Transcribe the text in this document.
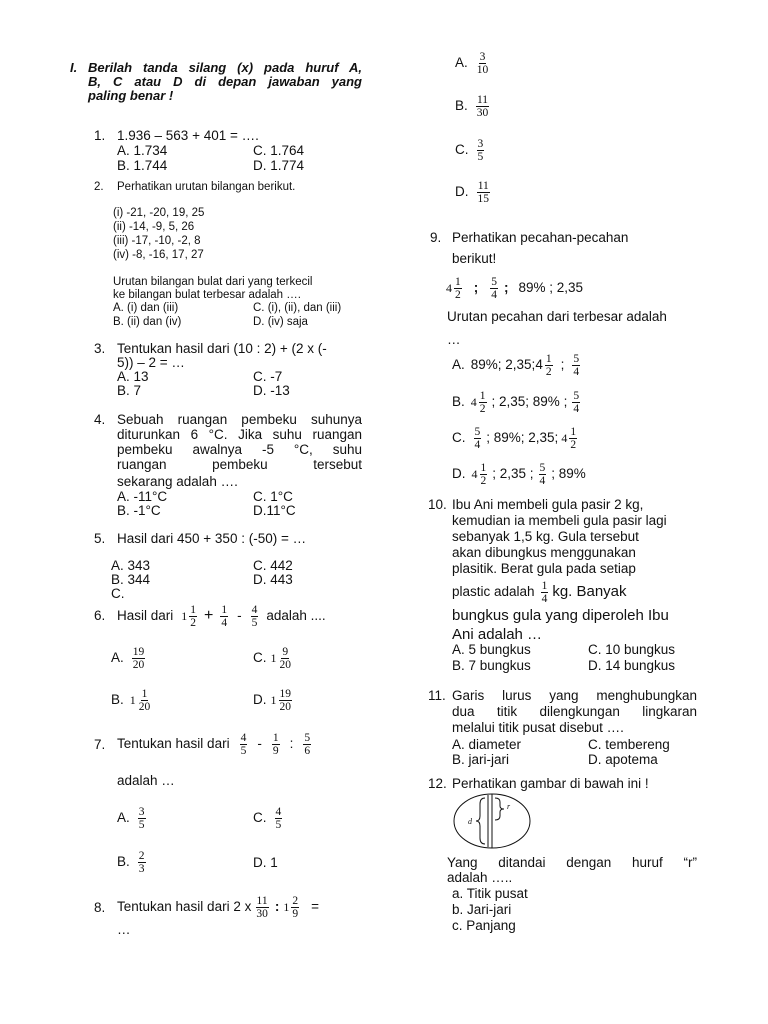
I. Berilah tanda silang (x) pada huruf A,
B, C atau D di depan jawaban yang
paling benar !
1. 1.936 – 563 + 401 = ….
A. 1.734	C. 1.764
B. 1.744	D. 1.774
2. Perhatikan urutan bilangan berikut.
(i) -21, -20, 19, 25
(ii) -14, -9, 5, 26
(iii) -17, -10, -2, 8
(iv) -8, -16, 17, 27
Urutan bilangan bulat dari yang terkecil
ke bilangan bulat terbesar adalah ….
A. (i) dan (iii)	C. (i), (ii), dan (iii)
B. (ii) dan (iv)	D. (iv) saja
3. Tentukan hasil dari (10 : 2) + (2 x (-
5)) – 2 = …
A. 13	C. -7
B. 7	D. -13
4. Sebuah ruangan pembeku suhunya
diturunkan 6 °C. Jika suhu ruangan
pembeku awalnya -5 °C, suhu
ruangan pembeku tersebut
sekarang adalah ….
A. -11°C	C. 1°C
B. -1°C	D.11°C
5. Hasil dari 450 + 350 : (-50) = …
A. 343	C. 442
B. 344	D. 443
C.
6. Hasil dari 1 1
$2 + \frac{1}{4} - 4$
5 adalah ....
A. 19
20	C. 1 9
20
B. 1 1
20	D. 1 19
20
7. Tentukan hasil dari 4
5 - 1
9 : 5
6
adalah …
A. 3
5	C. 4
5
B. 2
3	D. 1
8. Tentukan hasil dari 2 x 11
30 : $1 \frac{2}{9}$ =
…
A. 3
10
B. 11
30
C. 3
5
D. 11
15
9. Perhatikan pecahan-pecahan
berikut!
4 1
2 ; 5
4 ; 89% ; 2,35
Urutan pecahan dari terbesar adalah
…
A. 89%; 2,35;4 1
2 ; 5
4
B. 4 1
2 ; 2,35; 89% ; 5
4
C. 5
4 ; 89%; 2,35; 4 1
2
D. 4 1
2 ; 2,35 ; 5
4 ; 89%
10. Ibu Ani membeli gula pasir 2 kg,
kemudian ia membeli gula pasir lagi
sebanyak 1,5 kg. Gula tersebut
akan dibungkus menggunakan
plasitik. Berat gula pada setiap
plastic adalah 1
4 kg. Banyak
bungkus gula yang diperoleh Ibu
Ani adalah …
A. 5 bungkus	C. 10 bungkus
B. 7 bungkus	D. 14 bungkus
11. Garis lurus yang menghubungkan
dua titik dilengkungan lingkaran
melalui titik pusat disebut ….
A. diameter	C. tembereng
B. jari-jari	D. apotema
12. Perhatikan gambar di bawah ini !
d
r
Yang ditandai dengan huruf “r”
adalah …..
a. Titik pusat
b. Jari-jari
c. Panjang
